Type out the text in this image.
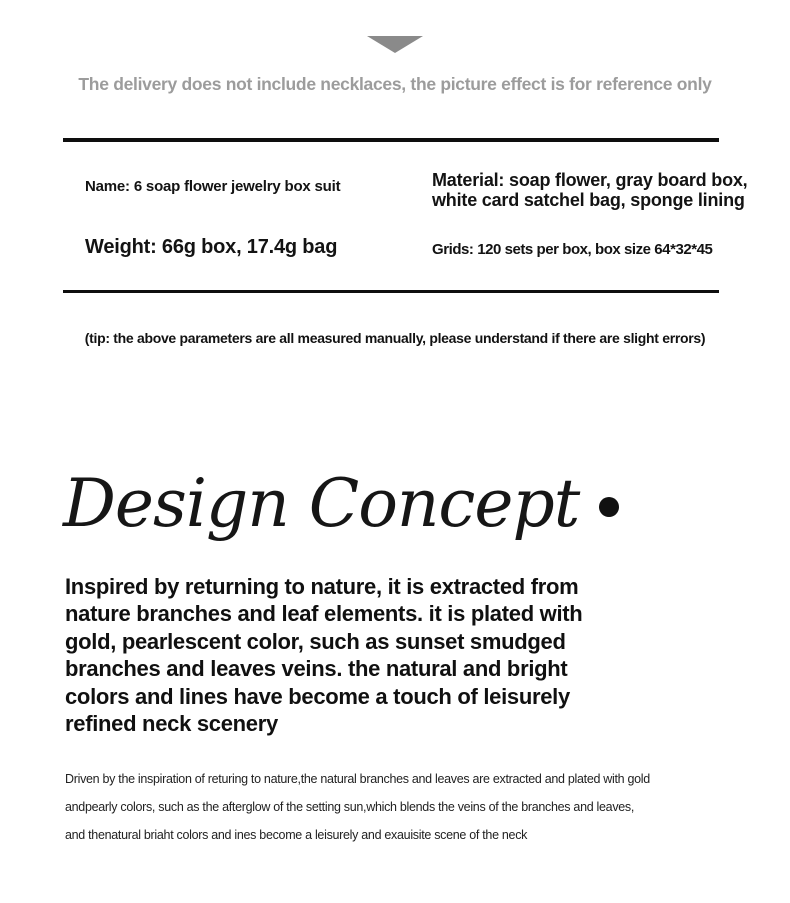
The delivery does not include necklaces, the picture effect is for reference only
Name: 6 soap flower jewelry box suit	Material: soap flower, gray board box, white card satchel bag, sponge lining
Weight: 66g box, 17.4g bag	Grids: 120 sets per box, box size 64*32*45
(tip: the above parameters are all measured manually, please understand if there are slight errors)
Design Concept
Inspired by returning to nature, it is extracted from
nature branches and leaf elements. it is plated with
gold, pearlescent color, such as sunset smudged
branches and leaves veins. the natural and bright
colors and lines have become a touch of leisurely
refined neck scenery
Driven by the inspiration of returing to nature,the natural branches and leaves are extracted and plated with gold
andpearly colors, such as the afterglow of the setting sun,which blends the veins of the branches and leaves,
and thenatural briaht colors and ines become a leisurely and exauisite scene of the neck
